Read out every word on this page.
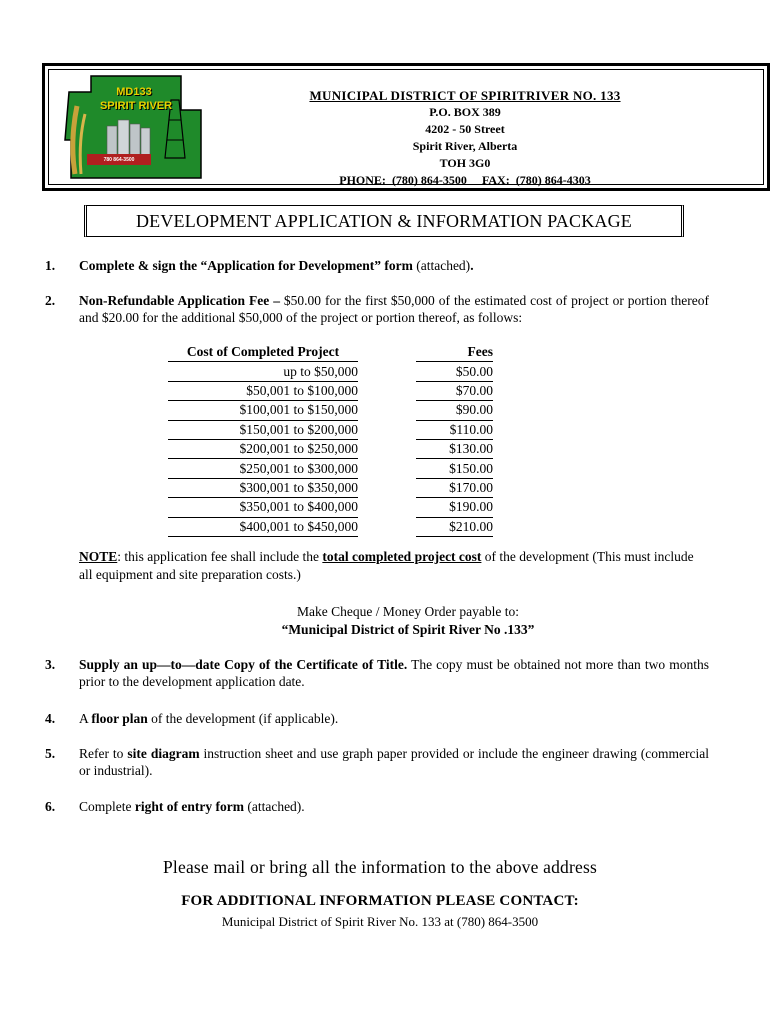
MD133
SPIRIT RIVER
780 864-3500
MUNICIPAL DISTRICT OF SPIRITRIVER NO. 133
P.O. BOX 389
4202 - 50 Street
Spirit River, Alberta
TOH 3G0
PHONE: (780) 864-3500 FAX: (780) 864-4303
DEVELOPMENT APPLICATION & INFORMATION PACKAGE
1. Complete & sign the “Application for Development” form (attached).
2. Non-Refundable Application Fee – $50.00 for the first $50,000 of the estimated cost of project or portion thereof and $20.00 for the additional $50,000 of the project or portion thereof, as follows:
Cost of Completed Project		Fees
up to $50,000		$50.00
$50,001 to $100,000		$70.00
$100,001 to $150,000		$90.00
$150,001 to $200,000		$110.00
$200,001 to $250,000		$130.00
$250,001 to $300,000		$150.00
$300,001 to $350,000		$170.00
$350,001 to $400,000		$190.00
$400,001 to $450,000		$210.00
NOTE: this application fee shall include the total completed project cost of the development (This must include all equipment and site preparation costs.)
Make Cheque / Money Order payable to:
“Municipal District of Spirit River No .133”
3. Supply an up—to—date Copy of the Certificate of Title. The copy must be obtained not more than two months prior to the development application date.
4. A floor plan of the development (if applicable).
5. Refer to site diagram instruction sheet and use graph paper provided or include the engineer drawing (commercial or industrial).
6. Complete right of entry form (attached).
Please mail or bring all the information to the above address
FOR ADDITIONAL INFORMATION PLEASE CONTACT:
Municipal District of Spirit River No. 133 at (780) 864-3500
